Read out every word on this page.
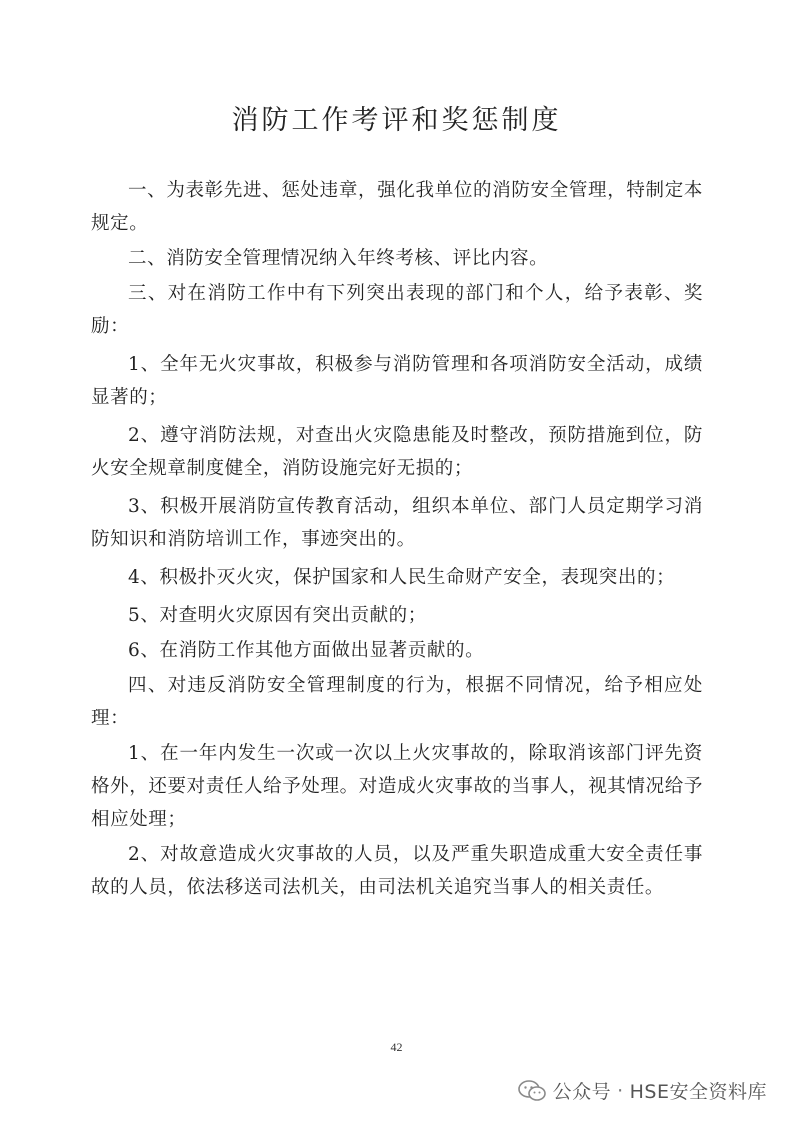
消防工作考评和奖惩制度

一、为表彰先进、惩处违章，强化我单位的消防安全管理，特制定本规定。

二、消防安全管理情况纳入年终考核、评比内容。

三、对在消防工作中有下列突出表现的部门和个人，给予表彰、奖励：

1、全年无火灾事故，积极参与消防管理和各项消防安全活动，成绩显著的；

2、遵守消防法规，对查出火灾隐患能及时整改，预防措施到位，防火安全规章制度健全，消防设施完好无损的；

3、积极开展消防宣传教育活动，组织本单位、部门人员定期学习消防知识和消防培训工作，事迹突出的。

4、积极扑灭火灾，保护国家和人民生命财产安全，表现突出的；

5、对查明火灾原因有突出贡献的；

6、在消防工作其他方面做出显著贡献的。

四、对违反消防安全管理制度的行为，根据不同情况，给予相应处理：

1、在一年内发生一次或一次以上火灾事故的，除取消该部门评先资格外，还要对责任人给予处理。对造成火灾事故的当事人，视其情况给予相应处理；

2、对故意造成火灾事故的人员，以及严重失职造成重大安全责任事故的人员，依法移送司法机关，由司法机关追究当事人的相关责任。

42
公众号 · HSE安全资料库
